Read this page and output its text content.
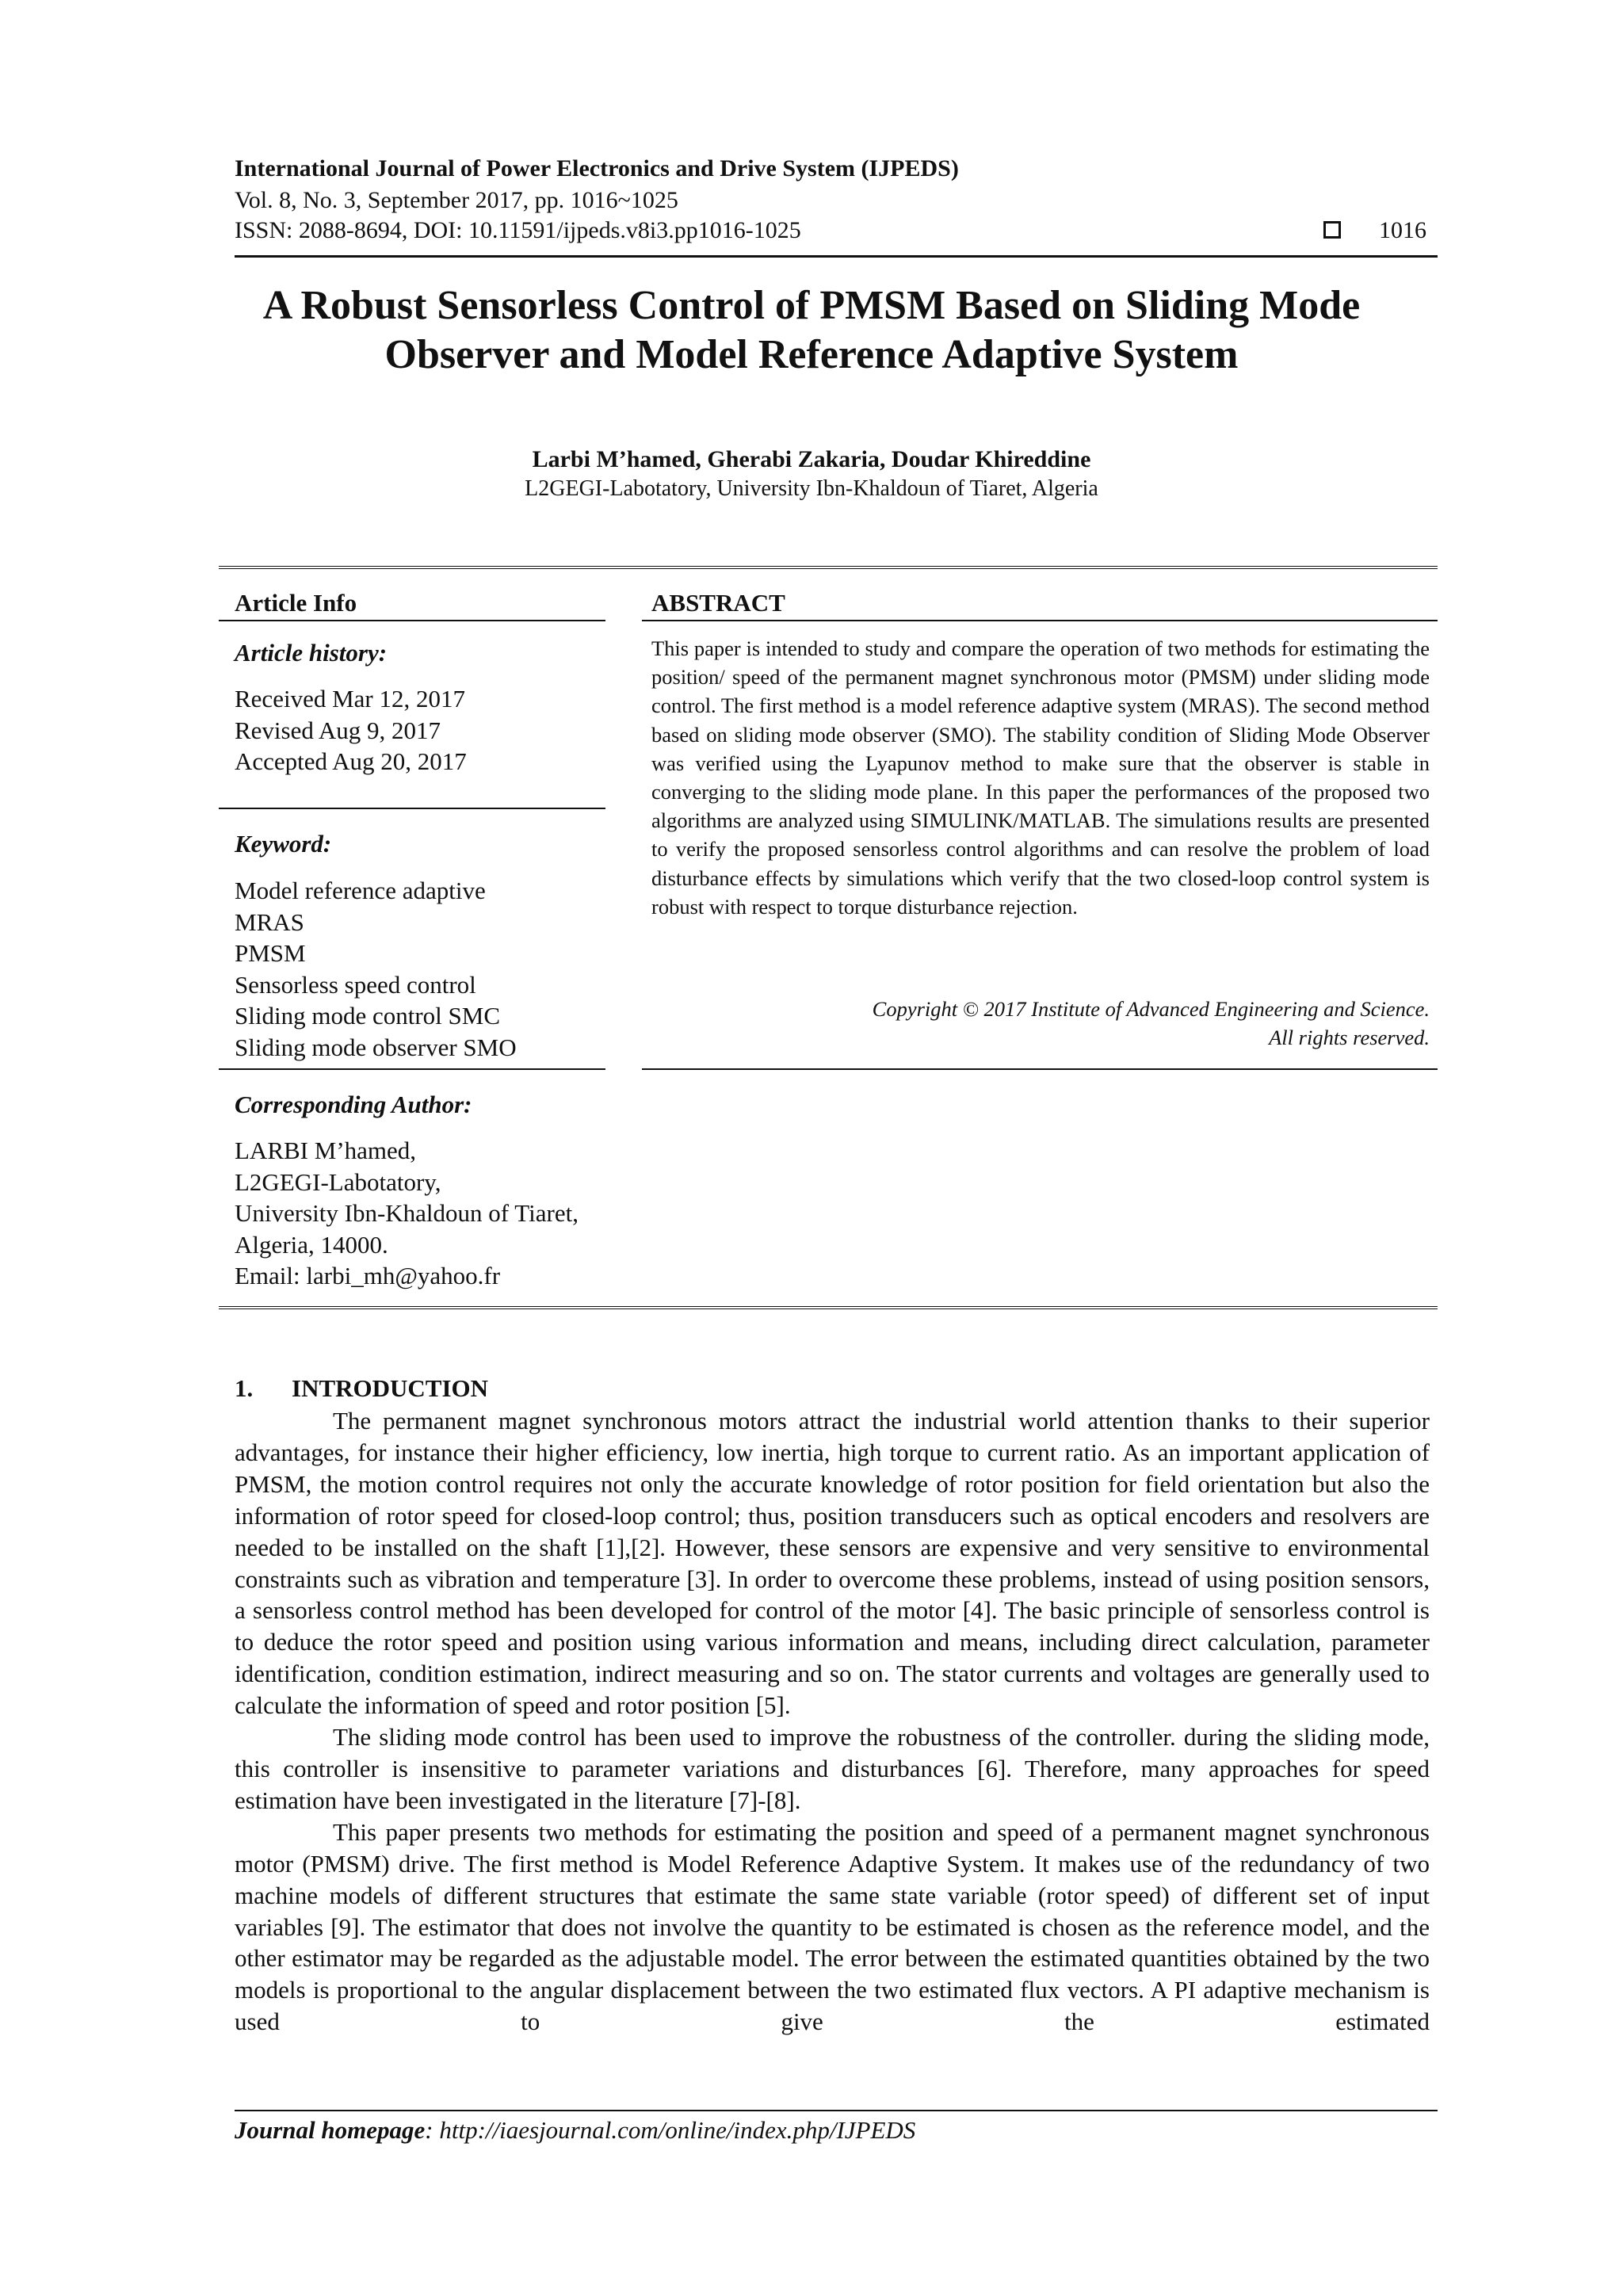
International Journal of Power Electronics and Drive System (IJPEDS)
Vol. 8, No. 3, September 2017, pp. 1016~1025
ISSN: 2088-8694, DOI: 10.11591/ijpeds.v8i3.pp1016-1025	1016
A Robust Sensorless Control of PMSM Based on Sliding Mode
Observer and Model Reference Adaptive System
Larbi M’hamed, Gherabi Zakaria, Doudar Khireddine
L2GEGI-Labotatory, University Ibn-Khaldoun of Tiaret, Algeria
Article Info
Article history:
Received Mar 12, 2017
Revised Aug 9, 2017
Accepted Aug 20, 2017
Keyword:
Model reference adaptive
MRAS
PMSM
Sensorless speed control
Sliding mode control SMC
Sliding mode observer SMO
Corresponding Author:
LARBI M’hamed,
L2GEGI-Labotatory,
University Ibn-Khaldoun of Tiaret,
Algeria, 14000.
Email: larbi_mh@yahoo.fr
ABSTRACT
This paper is intended to study and compare the operation of two methods for estimating the position/ speed of the permanent magnet synchronous motor (PMSM) under sliding mode control. The first method is a model reference adaptive system (MRAS). The second method based on sliding mode observer (SMO). The stability condition of Sliding Mode Observer was verified using the Lyapunov method to make sure that the observer is stable in converging to the sliding mode plane. In this paper the performances of the proposed two algorithms are analyzed using SIMULINK/MATLAB. The simulations results are presented to verify the proposed sensorless control algorithms and can resolve the problem of load disturbance effects by simulations which verify that the two closed-loop control system is robust with respect to torque disturbance rejection.
Copyright © 2017 Institute of Advanced Engineering and Science.
All rights reserved.
1. INTRODUCTION

The permanent magnet synchronous motors attract the industrial world attention thanks to their superior advantages, for instance their higher efficiency, low inertia, high torque to current ratio. As an important application of PMSM, the motion control requires not only the accurate knowledge of rotor position for field orientation but also the information of rotor speed for closed-loop control; thus, position transducers such as optical encoders and resolvers are needed to be installed on the shaft [1],[2]. However, these sensors are expensive and very sensitive to environmental constraints such as vibration and temperature [3]. In order to overcome these problems, instead of using position sensors, a sensorless control method has been developed for control of the motor [4]. The basic principle of sensorless control is to deduce the rotor speed and position using various information and means, including direct calculation, parameter identification, condition estimation, indirect measuring and so on. The stator currents and voltages are generally used to calculate the information of speed and rotor position [5].

The sliding mode control has been used to improve the robustness of the controller. during the sliding mode, this controller is insensitive to parameter variations and disturbances [6]. Therefore, many approaches for speed estimation have been investigated in the literature [7]-[8].

This paper presents two methods for estimating the position and speed of a permanent magnet synchronous motor (PMSM) drive. The first method is Model Reference Adaptive System. It makes use of the redundancy of two machine models of different structures that estimate the same state variable (rotor speed) of different set of input variables [9]. The estimator that does not involve the quantity to be estimated is chosen as the reference model, and the other estimator may be regarded as the adjustable model. The error between the estimated quantities obtained by the two models is proportional to the angular displacement between the two estimated flux vectors. A PI adaptive mechanism is used to give the estimated

Journal homepage: http://iaesjournal.com/online/index.php/IJPEDS
